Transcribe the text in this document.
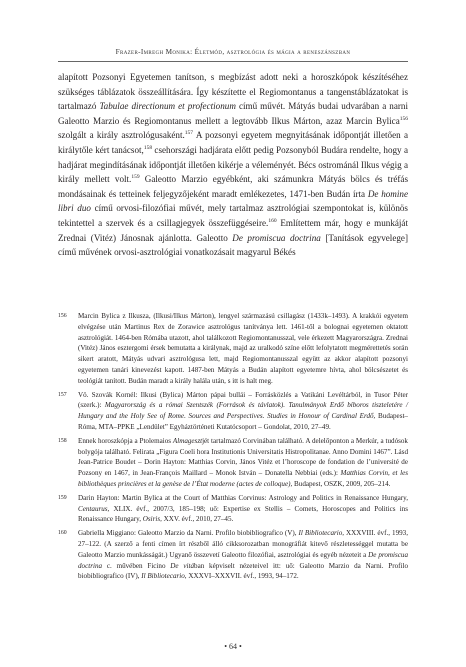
Frazer-Imregh Monika: Életmód, asztrológia és mágia a reneszánszban
alapított Pozsonyi Egyetemen tanítson, s megbízást adott neki a horoszkópok készítéséhez szükséges táblázatok összeállítására. Így készítette el Regiomontanus a tangenstáblázatokat is tartalmazó Tabulae directionum et profectionum című művét. Mátyás budai udvarában a narni Galeotto Marzio és Regiomontanus mellett a legtovább Ilkus Márton, azaz Marcin Bylica$^{156}$ szolgált a király asztrológusaként.$^{157}$ A pozsonyi egyetem megnyitásának időpontját illetően a királytőle kért tanácsot,$^{158}$ csehországi hadjárata előtt pedig Pozsonyból Budára rendelte, hogy a hadjárat megindításának időpontját illetően kikérje a véleményét. Bécs ostrománál Ilkus végig a király mellett volt.$^{159}$ Galeotto Marzio egyébként, aki számunkra Mátyás bölcs és tréfás mondásainak és tetteinek feljegyzőjeként maradt emlékezetes, 1471-ben Budán írta De homine libri duo című orvosi-filozófiai művét, mely tartalmaz asztrológiai szempontokat is, különös tekintettel a szervek és a csillagjegyek összefüggéseire.$^{160}$ Említettem már, hogy e munkáját Zrednai (Vitéz) Jánosnak ajánlotta. Galeotto De promiscua doctrina [Tanítások egyvelege] című művének orvosi-asztrológiai vonatkozásait magyarul Békés
156 Marcin Bylica z Ilkusza, (Ilkusi/Ilkus Márton), lengyel származású csillagász (1433k–1493). A krakkói egyetem elvégzése után Martinus Rex de Zorawice asztrológus tanítványa lett. 1461-től a bolognai egyetemen oktatott asztrológiát. 1464-ben Rómába utazott, ahol találkozott Regiomontanusszal, vele érkezett Magyarországra. Zrednai (Vitéz) János esztergomi érsek bemutatta a királynak, majd az uralkodó színe előtt lefolytatott megmérettetés során sikert aratott, Mátyás udvari asztrológusa lett, majd Regiomontanusszal együtt az akkor alapított pozsonyi egyetemen tanári kinevezést kapott. 1487-ben Mátyás a Budán alapított egyetemre hívta, ahol bölcsészetet és teológiát tanított. Budán maradt a király halála után, s itt is halt meg.
157 Vö. Szovák Kornél: Ilkusi (Bylica) Márton pápai bullái – Forrásközlés a Vatikáni Levéltárból, in Tusor Péter (szerk.): Magyarország és a római Szentszék (Források és távlatok). Tanulmányok Erdő bíboros tiszteletére / Hungary and the Holy See of Rome. Sources and Perspectives. Studies in Honour of Cardinal Erdő, Budapest–Róma, MTA–PPKE „Lendület” Egyháztörténeti Kutatócsoport – Gondolat, 2010, 27–49.
158 Ennek horoszkópja a Ptolemaios Almagesztjét tartalmazó Corvinában található. A delelőponton a Merkúr, a tudósok bolygója található. Felirata „Figura Coeli hora Institutionis Universitatis Histropolitanae. Anno Domini 1467”. Lásd Jean-Patrice Boudet – Dorin Hayton: Matthias Corvin, János Vitéz et l’horoscope de fondation de l’université de Pozsony en 1467, in Jean-François Maillard – Monok István – Donatella Nebbiai (eds.): Matthias Corvin, et les bibliothèques princières et la genèse de l’État moderne (actes de colloque), Budapest, OSZK, 2009, 205–214.
159 Darin Hayton: Martin Bylica at the Court of Matthias Corvinus: Astrology and Politics in Renaissance Hungary, Centaurus, XLIX. évf., 2007/3, 185–198; uő: Expertise ex Stellis – Comets, Horoscopes and Politics ins Renaissance Hungary, Osiris, XXV. évf., 2010, 27–45.
160 Gabriella Miggiano: Galeotto Marzio da Narni. Profilo biobibliografico (V), Il Bibliotecario, XXXVIII. évf., 1993, 27–122. (A szerző a fenti címen írt részből álló cikksorozatban monográfiát kitevő részletességgel mutatta be Galeotto Marzio munkásságát.) Ugyanő összevetí Galeotto filozófiai, asztrológiai és egyéb nézeteit a De promiscua doctrina c. művében Ficino De vitában képviselt nézeteivel itt: uő: Galeotto Marzio da Narni. Profilo biobibliografico (IV), Il Bibliotecario, XXXVI–XXXVII. évf., 1993, 94–172.
• 64 •
